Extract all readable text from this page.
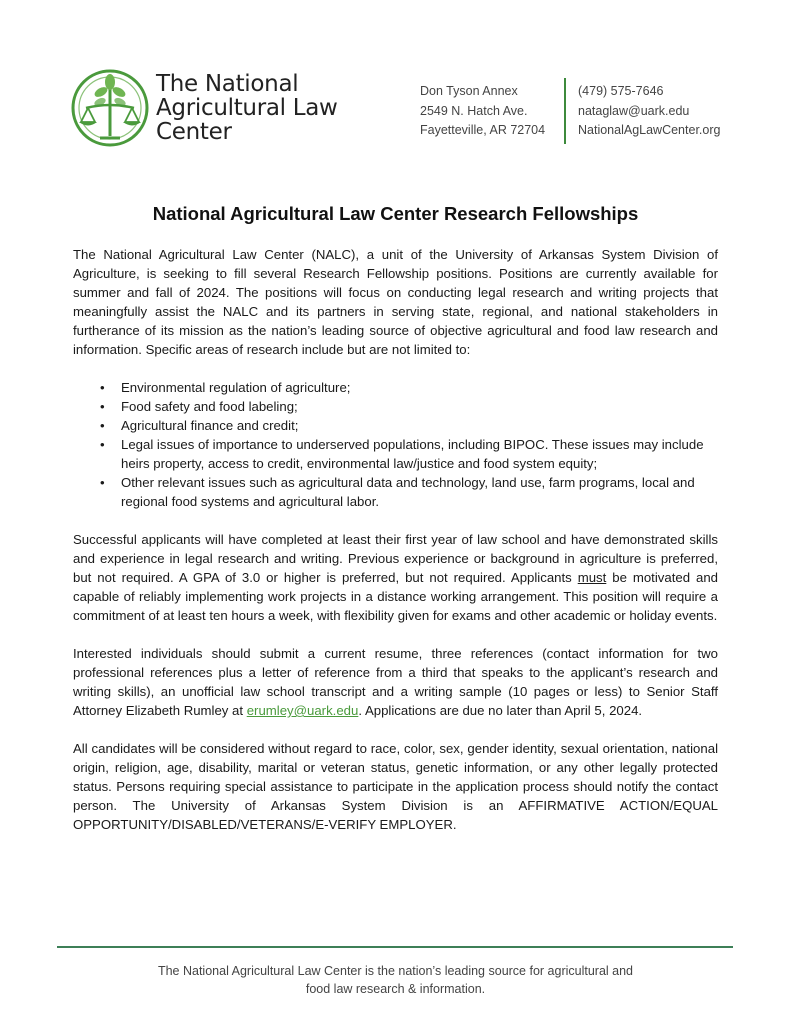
The National
Agricultural Law
Center
Don Tyson Annex
2549 N. Hatch Ave.
Fayetteville, AR 72704
(479) 575-7646
nataglaw@uark.edu
NationalAgLawCenter.org
National Agricultural Law Center Research Fellowships

The National Agricultural Law Center (NALC), a unit of the University of Arkansas System Division of Agriculture, is seeking to fill several Research Fellowship positions. Positions are currently available for summer and fall of 2024. The positions will focus on conducting legal research and writing projects that meaningfully assist the NALC and its partners in serving state, regional, and national stakeholders in furtherance of its mission as the nation’s leading source of objective agricultural and food law research and information. Specific areas of research include but are not limited to:

• Environmental regulation of agriculture;
• Food safety and food labeling;
• Agricultural finance and credit;
• Legal issues of importance to underserved populations, including BIPOC. These issues may include heirs property, access to credit, environmental law/justice and food system equity;
• Other relevant issues such as agricultural data and technology, land use, farm programs, local and regional food systems and agricultural labor.

Successful applicants will have completed at least their first year of law school and have demonstrated skills and experience in legal research and writing. Previous experience or background in agriculture is preferred, but not required. A GPA of 3.0 or higher is preferred, but not required. Applicants must be motivated and capable of reliably implementing work projects in a distance working arrangement. This position will require a commitment of at least ten hours a week, with flexibility given for exams and other academic or holiday events.

Interested individuals should submit a current resume, three references (contact information for two professional references plus a letter of reference from a third that speaks to the applicant’s research and writing skills), an unofficial law school transcript and a writing sample (10 pages or less) to Senior Staff Attorney Elizabeth Rumley at erumley@uark.edu. Applications are due no later than April 5, 2024.

All candidates will be considered without regard to race, color, sex, gender identity, sexual orientation, national origin, religion, age, disability, marital or veteran status, genetic information, or any other legally protected status. Persons requiring special assistance to participate in the application process should notify the contact person. The University of Arkansas System Division is an AFFIRMATIVE ACTION/EQUAL OPPORTUNITY/DISABLED/VETERANS/E-VERIFY EMPLOYER.

The National Agricultural Law Center is the nation’s leading source for agricultural and
food law research & information.
